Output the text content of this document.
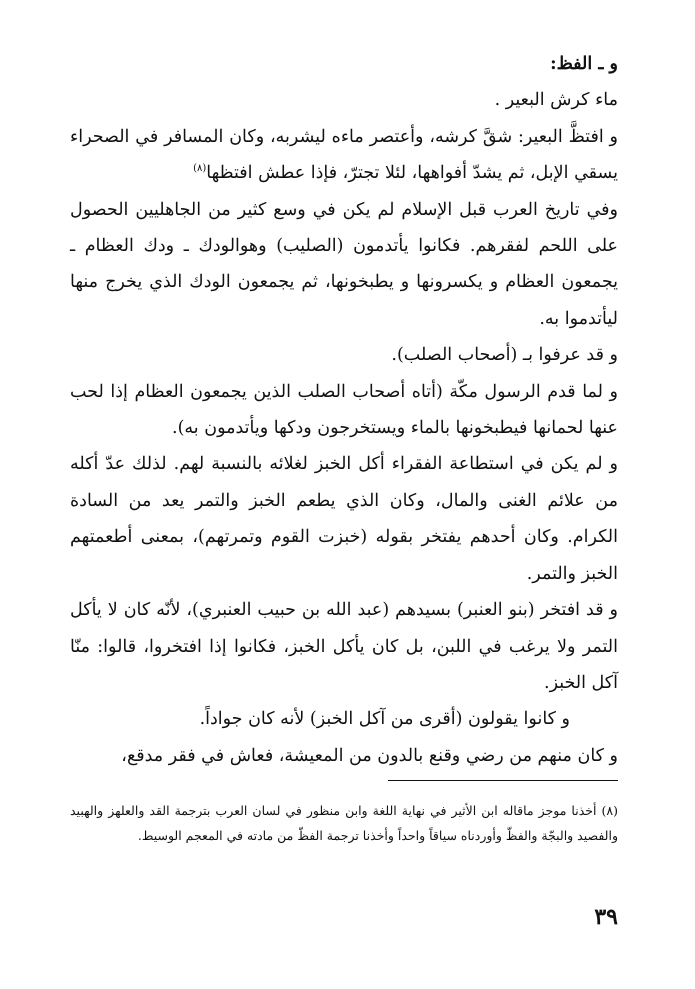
و ـ الفظ:

ماء كرش البعير .

و افتظَّ البعير: شقَّ كرشه، وأعتصر ماءه ليشربه، وكان المسافر في الصحراء يسقي الإبل، ثم يشدّ أفواهها، لئلا تجترّ، فإذا عطش افتظها$^{(٨)}$

وفي تاريخ العرب قبل الإسلام لم يكن في وسع كثير من الجاهليين الحصول على اللحم لفقرهم. فكانوا يأتدمون (الصليب) وهوالودك ـ ودك العظام ـ يجمعون العظام و يكسرونها و يطبخونها، ثم يجمعون الودك الذي يخرج منها ليأتدموا به.

و قد عرفوا بـ (أصحاب الصلب).

و لما قدم الرسول مكّة (أتاه أصحاب الصلب الذين يجمعون العظام إذا لحب عنها لحمانها فيطبخونها بالماء ويستخرجون ودكها ويأتدمون به).

و لم يكن في استطاعة الفقراء أكل الخبز لغلائه بالنسبة لهم. لذلك عدّ أكله من علائم الغنى والمال، وكان الذي يطعم الخبز والتمر يعد من السادة الكرام. وكان أحدهم يفتخر بقوله (خبزت القوم وتمرتهم)، بمعنى أطعمتهم الخبز والتمر.

و قد افتخر (بنو العنبر) بسيدهم (عبد الله بن حبيب العنبري)، لأنّه كان لا يأكل التمر ولا يرغب في اللبن، بل كان يأكل الخبز، فكانوا إذا افتخروا، قالوا: منّا آكل الخبز.

و كانوا يقولون (أقرى من آكل الخبز) لأنه كان جواداً.

و كان منهم من رضي وقنع بالدون من المعيشة، فعاش في فقر مدقع،

(٨) أخذنا موجز ماقاله ابن الأثير في نهاية اللغة وابن منظور في لسان العرب بترجمة القد والعلهز والهبيد والفصيد والبجّة والفظّ وأوردناه سياقاً واحداً وأخذنا ترجمة الفظّ من مادته في المعجم الوسيط.

٣٩
